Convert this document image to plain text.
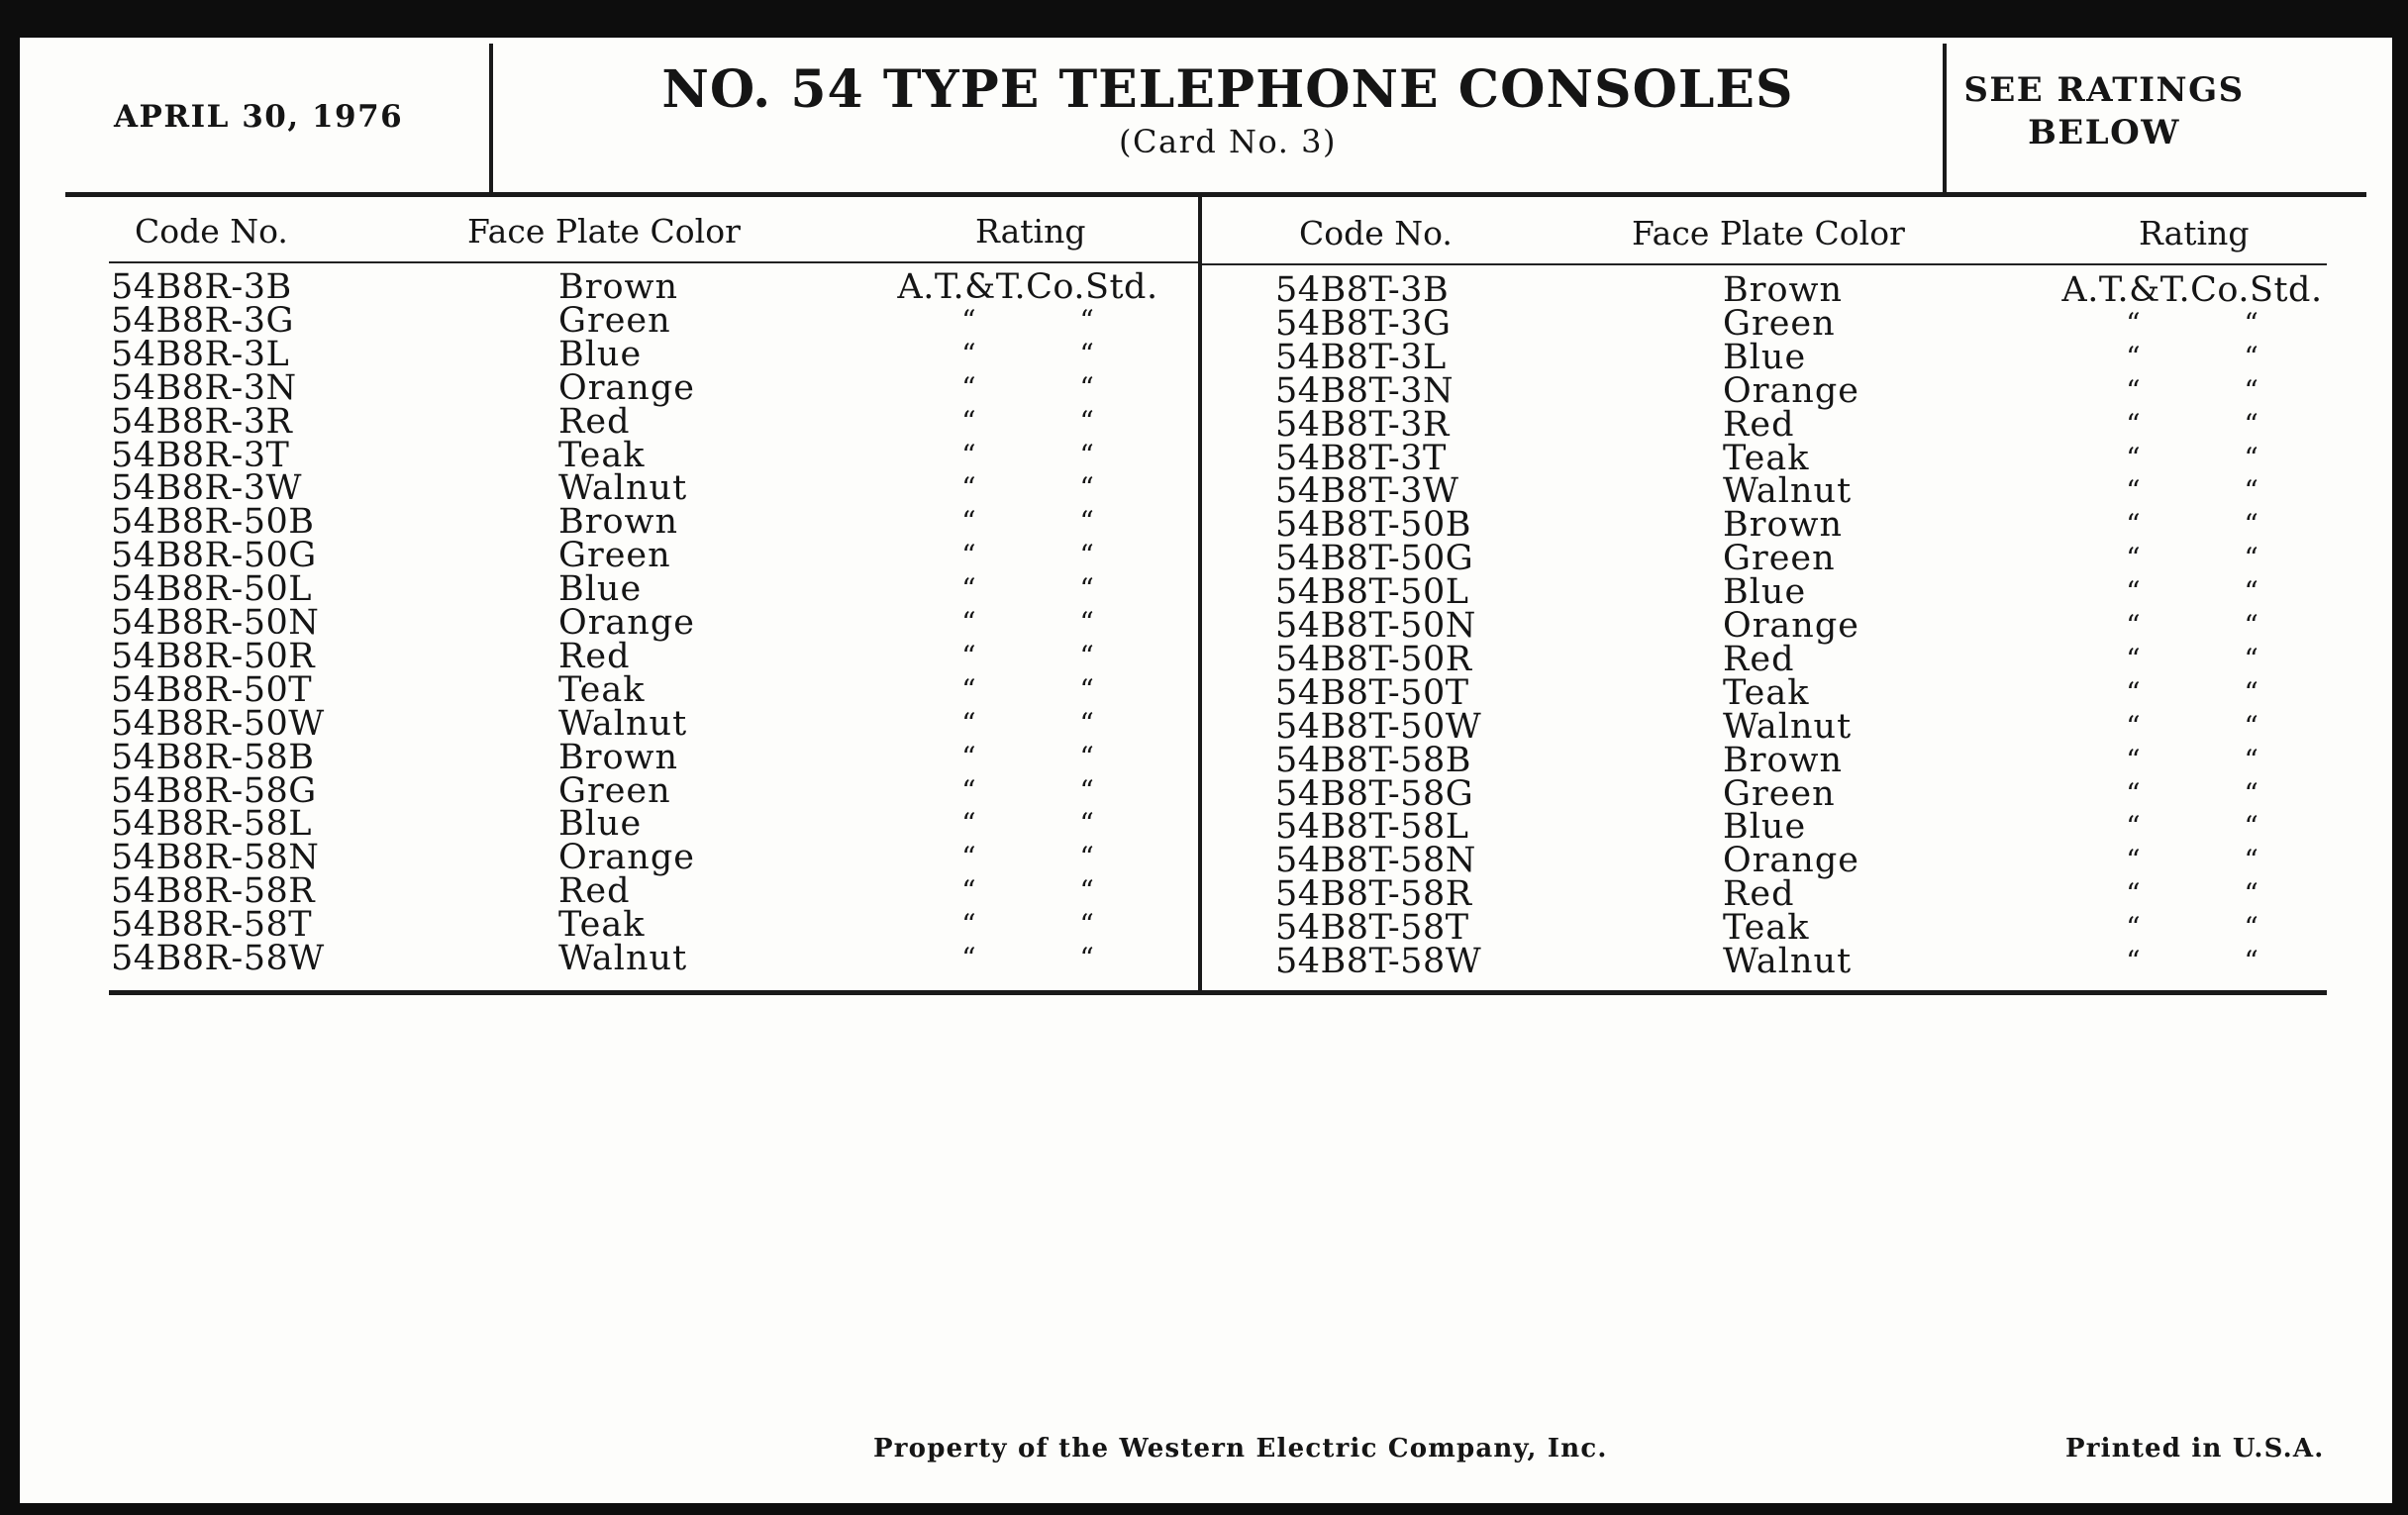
APRIL 30, 1976	NO. 54 TYPE TELEPHONE CONSOLES
(Card No. 3)
SEE RATINGS BELOW
Code No.	Face Plate Color	Rating	Code No.	Face Plate Color	Rating
54B8R-3B	Brown	A.T.&T.Co.Std.
54B8R-3G	Green	“ “
54B8R-3L	Blue	“ “
54B8R-3N	Orange	“ “
54B8R-3R	Red	“ “
54B8R-3T	Teak	“ “
54B8R-3W	Walnut	“ “
54B8R-50B	Brown	“ “
54B8R-50G	Green	“ “
54B8R-50L	Blue	“ “
54B8R-50N	Orange	“ “
54B8R-50R	Red	“ “
54B8R-50T	Teak	“ “
54B8R-50W	Walnut	“ “
54B8R-58B	Brown	“ “
54B8R-58G	Green	“ “
54B8R-58L	Blue	“ “
54B8R-58N	Orange	“ “
54B8R-58R	Red	“ “
54B8R-58T	Teak	“ “
54B8R-58W	Walnut	“ “
54B8T-3B	Brown	A.T.&T.Co.Std.
54B8T-3G	Green	“ “
54B8T-3L	Blue	“ “
54B8T-3N	Orange	“ “
54B8T-3R	Red	“ “
54B8T-3T	Teak	“ “
54B8T-3W	Walnut	“ “
54B8T-50B	Brown	“ “
54B8T-50G	Green	“ “
54B8T-50L	Blue	“ “
54B8T-50N	Orange	“ “
54B8T-50R	Red	“ “
54B8T-50T	Teak	“ “
54B8T-50W	Walnut	“ “
54B8T-58B	Brown	“ “
54B8T-58G	Green	“ “
54B8T-58L	Blue	“ “
54B8T-58N	Orange	“ “
54B8T-58R	Red	“ “
54B8T-58T	Teak	“ “
54B8T-58W	Walnut	“ “
Property of the Western Electric Company, Inc.	Printed in U.S.A.
